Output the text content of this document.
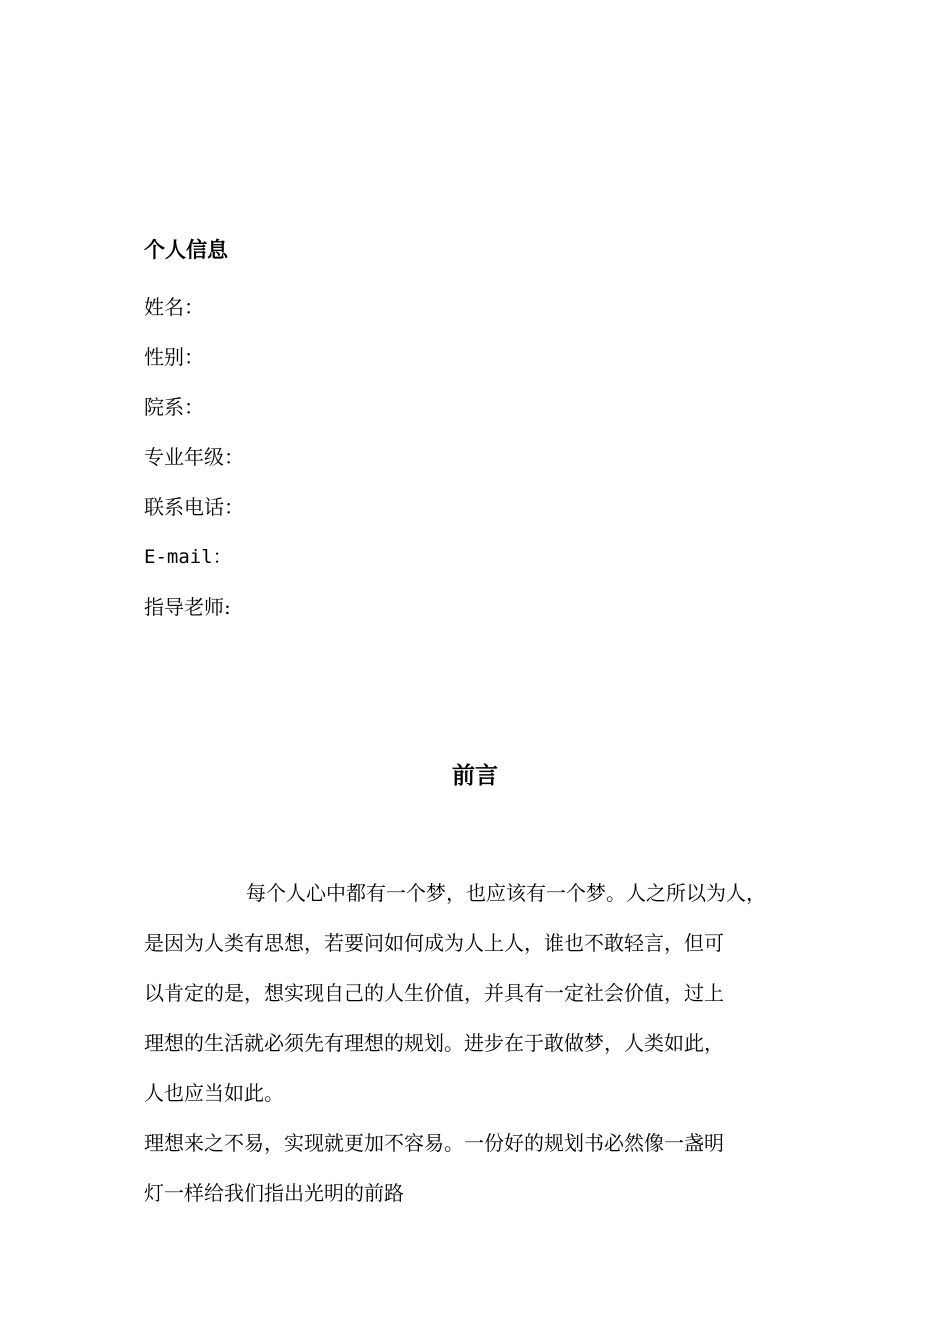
个人信息

姓名：

性别：

院系：

专业年级：

联系电话：

E-mail：

指导老师:

前言

每个人心中都有一个梦，也应该有一个梦。人之所以为人，

是因为人类有思想，若要问如何成为人上人，谁也不敢轻言，但可

以肯定的是，想实现自己的人生价值，并具有一定社会价值，过上

理想的生活就必须先有理想的规划。进步在于敢做梦，人类如此，

人也应当如此。

理想来之不易，实现就更加不容易。一份好的规划书必然像一盏明

灯一样给我们指出光明的前路
